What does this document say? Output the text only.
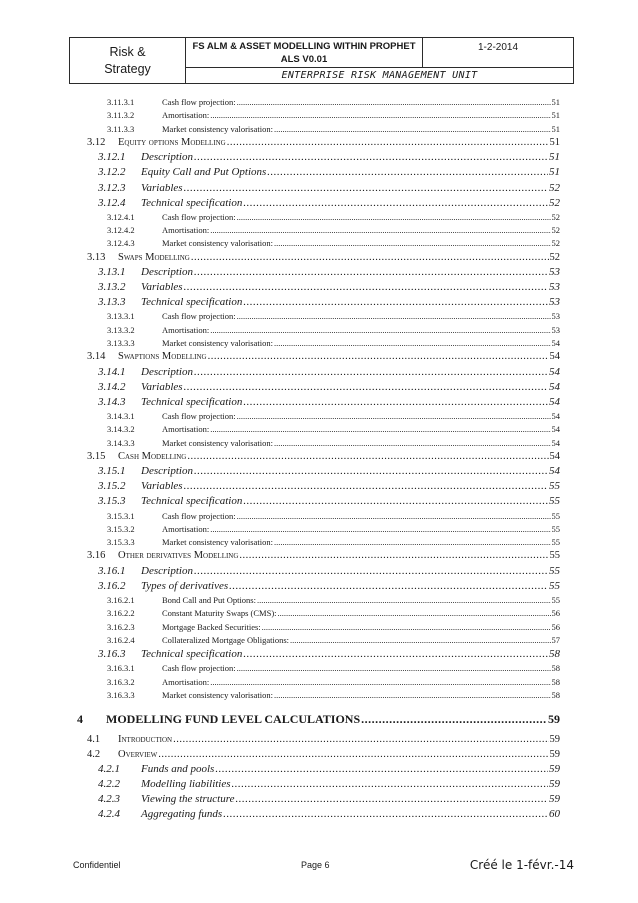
Risk &
Strategy
FS ALM & ASSET MODELLING WITHIN PROPHET
ALS V0.01
1-2-2014
ENTERPRISE RISK MANAGEMENT UNIT
3.11.3.1	Cash flow projection: .....	51
3.11.3.2	Amortisation: .....	51
3.11.3.3	Market consistency valorisation: .....	51
3.12 Equity options Modelling .....	51
3.12.1 Description .....	51
3.12.2 Equity Call and Put Options .....	51
3.12.3 Variables .....	52
3.12.4 Technical specification .....	52
3.12.4.1	Cash flow projection: .....	52
3.12.4.2	Amortisation: .....	52
3.12.4.3	Market consistency valorisation: .....	52
3.13 Swaps Modelling .....	52
3.13.1 Description .....	53
3.13.2 Variables .....	53
3.13.3 Technical specification .....	53
3.13.3.1	Cash flow projection: .....	53
3.13.3.2	Amortisation: .....	53
3.13.3.3	Market consistency valorisation: .....	54
3.14 Swaptions Modelling .....	54
3.14.1 Description .....	54
3.14.2 Variables .....	54
3.14.3 Technical specification .....	54
3.14.3.1	Cash flow projection: .....	54
3.14.3.2	Amortisation: .....	54
3.14.3.3	Market consistency valorisation: .....	54
3.15 Cash Modelling .....	54
3.15.1 Description .....	54
3.15.2 Variables .....	55
3.15.3 Technical specification .....	55
3.15.3.1	Cash flow projection: .....	55
3.15.3.2	Amortisation: .....	55
3.15.3.3	Market consistency valorisation: .....	55
3.16 Other derivatives Modelling .....	55
3.16.1 Description .....	55
3.16.2 Types of derivatives .....	55
3.16.2.1	Bond Call and Put Options: .....	55
3.16.2.2	Constant Maturity Swaps (CMS): .....	56
3.16.2.3	Mortgage Backed Securities: .....	56
3.16.2.4	Collateralized Mortgage Obligations: .....	57
3.16.3 Technical specification .....	58
3.16.3.1	Cash flow projection: .....	58
3.16.3.2	Amortisation: .....	58
3.16.3.3	Market consistency valorisation: .....	58
4 MODELLING FUND LEVEL CALCULATIONS .....	59
4.1 Introduction .....	59
4.2 Overview .....	59
4.2.1 Funds and pools .....	59
4.2.2 Modelling liabilities .....	59
4.2.3 Viewing the structure .....	59
4.2.4 Aggregating funds .....	60
Confidentiel	Page 6	Créé le 1-févr.-14
